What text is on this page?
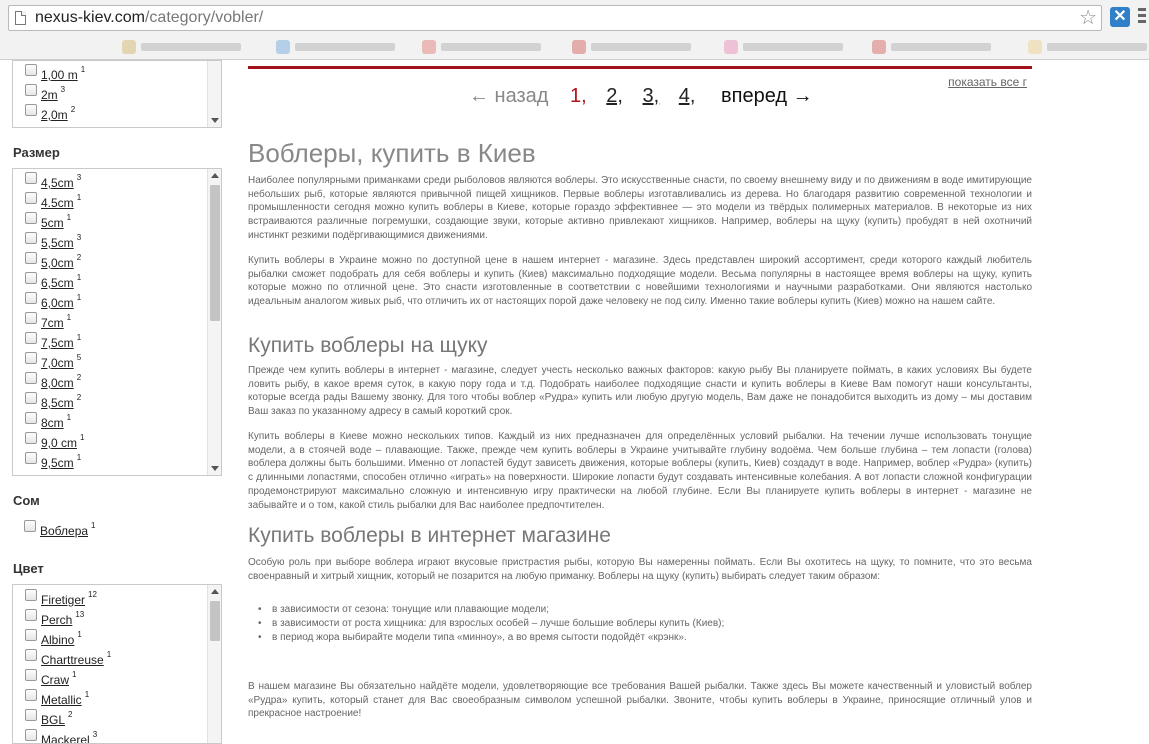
nexus-kiev.com/category/vobler/	☆ ✕
1,00 m $^1$
2m $^3$
2,0m $^2$
Размер
4,5cm $^3$
4.5cm $^1$
5cm $^1$
5,5cm $^3$
5,0cm $^2$
6,5cm $^1$
6,0cm $^1$
7cm $^1$
7,5cm $^1$
7,0cm $^5$
8,0cm $^2$
8,5cm $^2$
8cm $^1$
9,0 cm $^1$
9,5cm $^1$
Сом
Воблера $^1$
Цвет
Firetiger $^{12}$
Perch $^{13}$
Albino $^1$
Charttreuse $^1$
Craw $^1$
Metallic $^1$
BGL $^2$
Mackerel $^3$
показать все г
← назад 1, 2, 3, 4, вперед →
Воблеры, купить в Киев

Наиболее популярными приманками среди рыболовов являются воблеры. Это искусственные снасти, по своему внешнему виду и по движениям в воде имитирующие небольших рыб, которые являются привычной пищей хищников. Первые воблеры изготавливались из дерева. Но благодаря развитию современной технологии и промышленности сегодня можно купить воблеры в Киеве, которые гораздо эффективнее — это модели из твёрдых полимерных материалов. В некоторые из них встраиваются различные погремушки, создающие звуки, которые активно привлекают хищников. Например, воблеры на щуку (купить) пробудят в ней охотничий инстинкт резкими подёргивающимися движениями.

Купить воблеры в Украине можно по доступной цене в нашем интернет - магазине. Здесь представлен широкий ассортимент, среди которого каждый любитель рыбалки сможет подобрать для себя воблеры и купить (Киев) максимально подходящие модели. Весьма популярны в настоящее время воблеры на щуку, купить которые можно по отличной цене. Это снасти изготовленные в соответствии с новейшими технологиями и научными разработками. Они являются настолько идеальным аналогом живых рыб, что отличить их от настоящих порой даже человеку не под силу. Именно такие воблеры купить (Киев) можно на нашем сайте.

Купить воблеры на щуку

Прежде чем купить воблеры в интернет - магазине, следует учесть несколько важных факторов: какую рыбу Вы планируете поймать, в каких условиях Вы будете ловить рыбу, в какое время суток, в какую пору года и т.д. Подобрать наиболее подходящие снасти и купить воблеры в Киеве Вам помогут наши консультанты, которые всегда рады Вашему звонку. Для того чтобы воблер «Рудра» купить или любую другую модель, Вам даже не понадобится выходить из дому – мы доставим Ваш заказ по указанному адресу в самый короткий срок.

Купить воблеры в Киеве можно нескольких типов. Каждый из них предназначен для определённых условий рыбалки. На течении лучше использовать тонущие модели, а в стоячей воде – плавающие. Также, прежде чем купить воблеры в Украине учитывайте глубину водоёма. Чем больше глубина – тем лопасти (голова) воблера должны быть большими. Именно от лопастей будут зависеть движения, которые воблеры (купить, Киев) создадут в воде. Например, воблер «Рудра» (купить) с длинными лопастями, способен отлично «играть» на поверхности. Широкие лопасти будут создавать интенсивные колебания. А вот лопасти сложной конфигурации продемонстрируют максимально сложную и интенсивную игру практически на любой глубине. Если Вы планируете купить воблеры в интернет - магазине не забывайте и о том, какой стиль рыбалки для Вас наиболее предпочтителен.

Купить воблеры в интернет магазине

Особую роль при выборе воблера играют вкусовые пристрастия рыбы, которую Вы намеренны поймать. Если Вы охотитесь на щуку, то помните, что это весьма своенравный и хитрый хищник, который не позарится на любую приманку. Воблеры на щуку (купить) выбирать следует таким образом:

• в зависимости от сезона: тонущие или плавающие модели;
• в зависимости от роста хищника: для взрослых особей – лучше большие воблеры купить (Киев);
• в период жора выбирайте модели типа «минноу», а во время сытости подойдёт «крэнк».

В нашем магазине Вы обязательно найдёте модели, удовлетворяющие все требования Вашей рыбалки. Также здесь Вы можете качественный и уловистый воблер «Рудра» купить, который станет для Вас своеобразным символом успешной рыбалки. Звоните, чтобы купить воблеры в Украине, приносящие отличный улов и прекрасное настроение!
